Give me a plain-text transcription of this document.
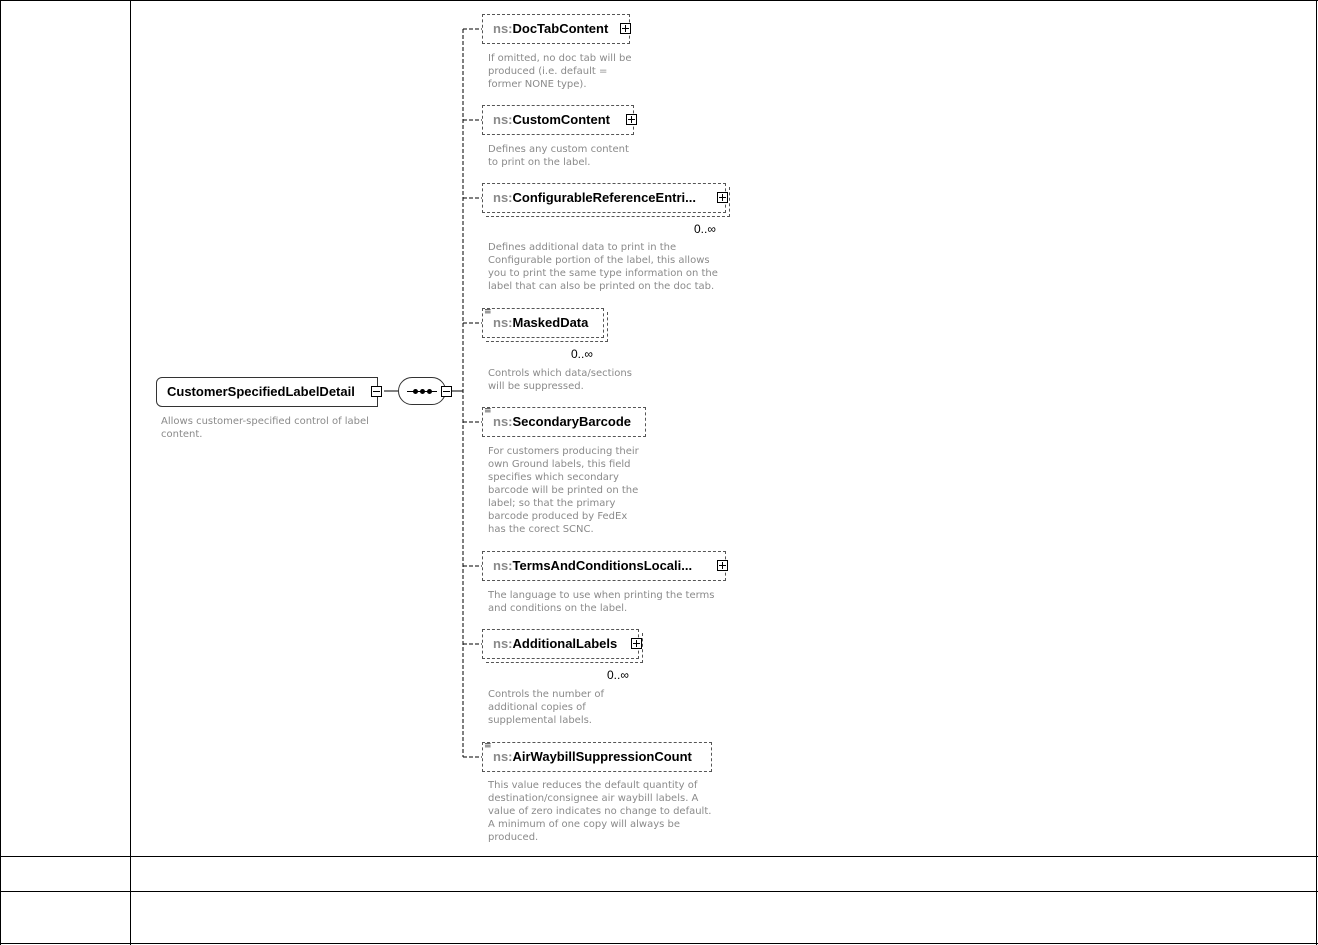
CustomerSpecifiedLabelDetail
Allows customer-specified control of label content.
ns:DocTabContent
If omitted, no doc tab will be
produced (i.e. default =
former NONE type).
ns:CustomContent
Defines any custom content
to print on the label.
ns:ConfigurableReferenceEntri...
0..∞
Defines additional data to print in the
Configurable portion of the label, this allows
you to print the same type information on the
label that can also be printed on the doc tab.
ns:MaskedData
≡
0..∞
Controls which data/sections
will be suppressed.
ns:SecondaryBarcode
≡
For customers producing their
own Ground labels, this field
specifies which secondary
barcode will be printed on the
label; so that the primary
barcode produced by FedEx
has the corect SCNC.
ns:TermsAndConditionsLocali...
The language to use when printing the terms
and conditions on the label.
ns:AdditionalLabels
0..∞
Controls the number of
additional copies of
supplemental labels.
ns:AirWaybillSuppressionCount
≡
This value reduces the default quantity of
destination/consignee air waybill labels. A
value of zero indicates no change to default.
A minimum of one copy will always be
produced.
